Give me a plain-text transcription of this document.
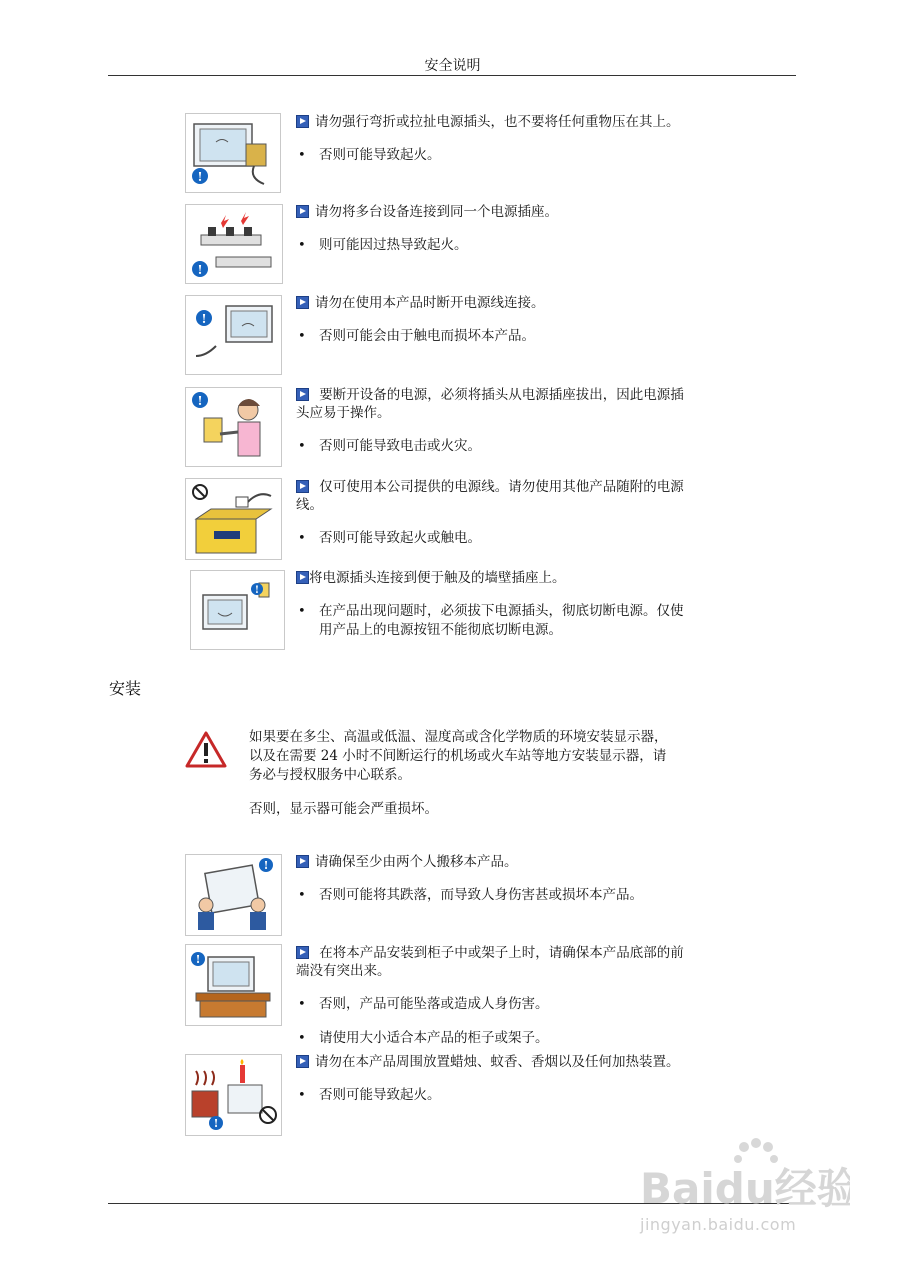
安全说明
!
请勿强行弯折或拉扯电源插头，也不要将任何重物压在其上。
• 否则可能导致起火。
!
请勿将多台设备连接到同一个电源插座。
• 则可能因过热导致起火。
!
请勿在使用本产品时断开电源线连接。
• 否则可能会由于触电而损坏本产品。
!	要断开设备的电源，必须将插头从电源插座拔出，因此电源插
头应易于操作。
• 否则可能导致电击或火灾。
仅可使用本公司提供的电源线。请勿使用其他产品随附的电源
线。
• 否则可能导致起火或触电。
!
将电源插头连接到便于触及的墙壁插座上。
• 在产品出现问题时，必须拔下电源插头，彻底切断电源。仅使
用产品上的电源按钮不能彻底切断电源。
安装
如果要在多尘、高温或低温、湿度高或含化学物质的环境安装显示器，
以及在需要 24 小时不间断运行的机场或火车站等地方安装显示器，请
务必与授权服务中心联系。
否则，显示器可能会严重损坏。
!	请确保至少由两个人搬移本产品。
• 否则可能将其跌落，而导致人身伤害甚或损坏本产品。
!	在将本产品安装到柜子中或架子上时，请确保本产品底部的前
端没有突出来。
• 否则，产品可能坠落或造成人身伤害。
• 请使用大小适合本产品的柜子或架子。
!
请勿在本产品周围放置蜡烛、蚊香、香烟以及任何加热装置。
• 否则可能导致起火。
Baidu经验
jingyan.baidu.com
